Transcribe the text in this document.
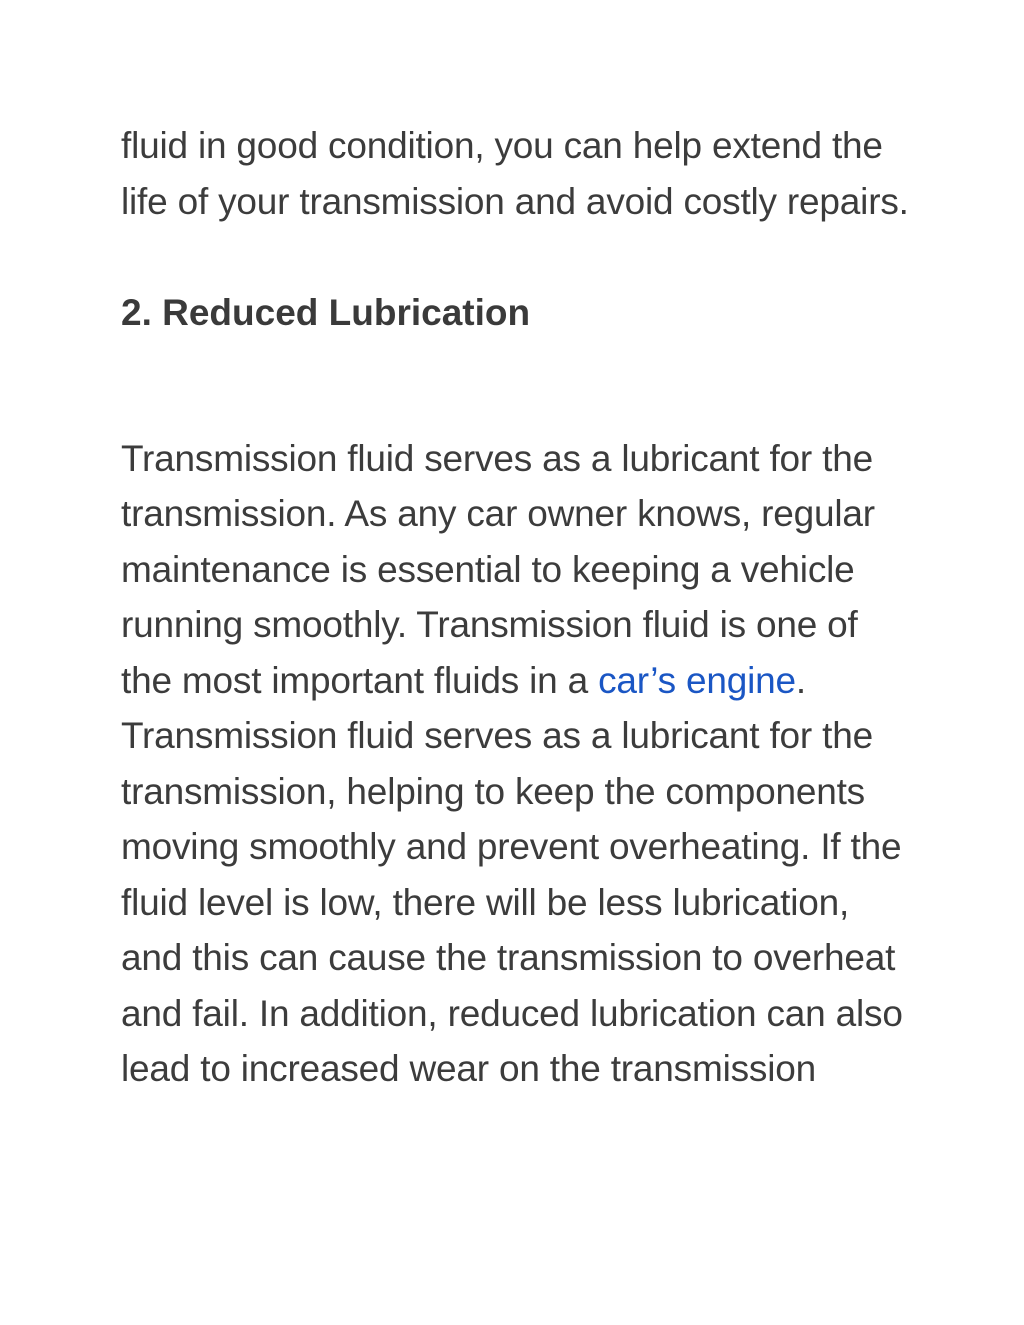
fluid in good condition, you can help extend the life of your transmission and avoid costly repairs.

2. Reduced Lubrication

Transmission fluid serves as a lubricant for the transmission. As any car owner knows, regular maintenance is essential to keeping a vehicle running smoothly. Transmission fluid is one of the most important fluids in a car’s engine. Transmission fluid serves as a lubricant for the transmission, helping to keep the components moving smoothly and prevent overheating. If the fluid level is low, there will be less lubrication, and this can cause the transmission to overheat and fail. In addition, reduced lubrication can also lead to increased wear on the transmission
